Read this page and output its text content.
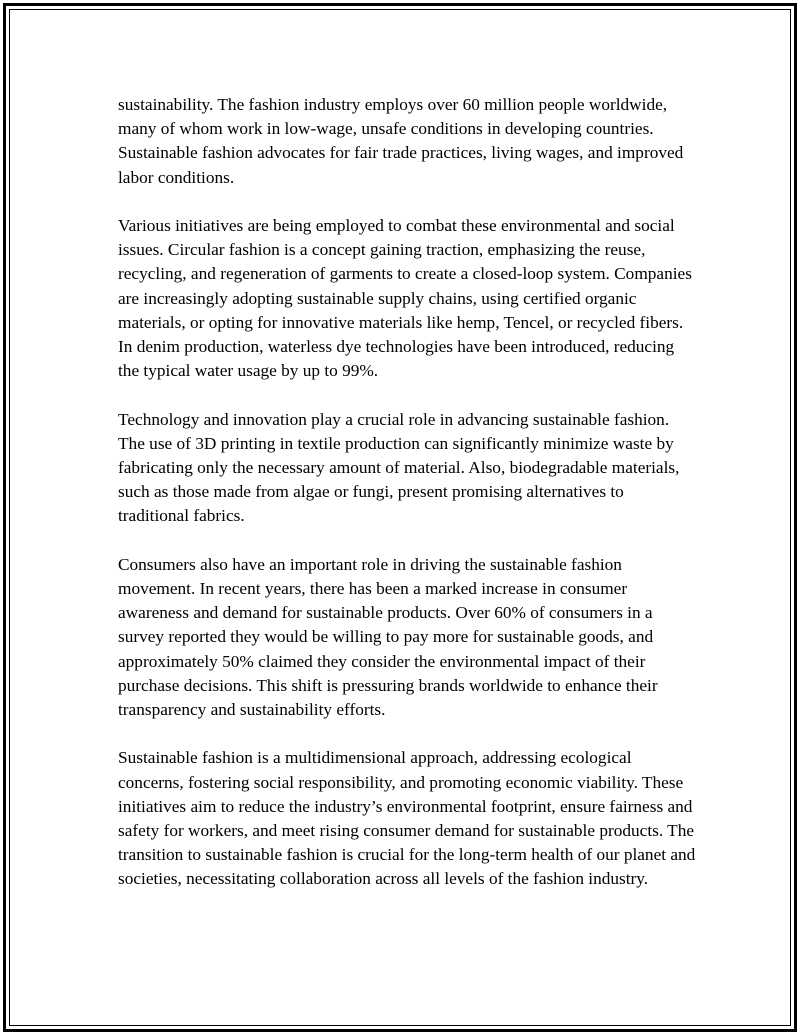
sustainability. The fashion industry employs over 60 million people worldwide, many of whom work in low-wage, unsafe conditions in developing countries. Sustainable fashion advocates for fair trade practices, living wages, and improved labor conditions.

Various initiatives are being employed to combat these environmental and social issues. Circular fashion is a concept gaining traction, emphasizing the reuse, recycling, and regeneration of garments to create a closed-loop system. Companies are increasingly adopting sustainable supply chains, using certified organic materials, or opting for innovative materials like hemp, Tencel, or recycled fibers. In denim production, waterless dye technologies have been introduced, reducing the typical water usage by up to 99%.

Technology and innovation play a crucial role in advancing sustainable fashion. The use of 3D printing in textile production can significantly minimize waste by fabricating only the necessary amount of material. Also, biodegradable materials, such as those made from algae or fungi, present promising alternatives to traditional fabrics.

Consumers also have an important role in driving the sustainable fashion movement. In recent years, there has been a marked increase in consumer awareness and demand for sustainable products. Over 60% of consumers in a survey reported they would be willing to pay more for sustainable goods, and approximately 50% claimed they consider the environmental impact of their purchase decisions. This shift is pressuring brands worldwide to enhance their transparency and sustainability efforts.

Sustainable fashion is a multidimensional approach, addressing ecological concerns, fostering social responsibility, and promoting economic viability. These initiatives aim to reduce the industry’s environmental footprint, ensure fairness and safety for workers, and meet rising consumer demand for sustainable products. The transition to sustainable fashion is crucial for the long-term health of our planet and societies, necessitating collaboration across all levels of the fashion industry.
